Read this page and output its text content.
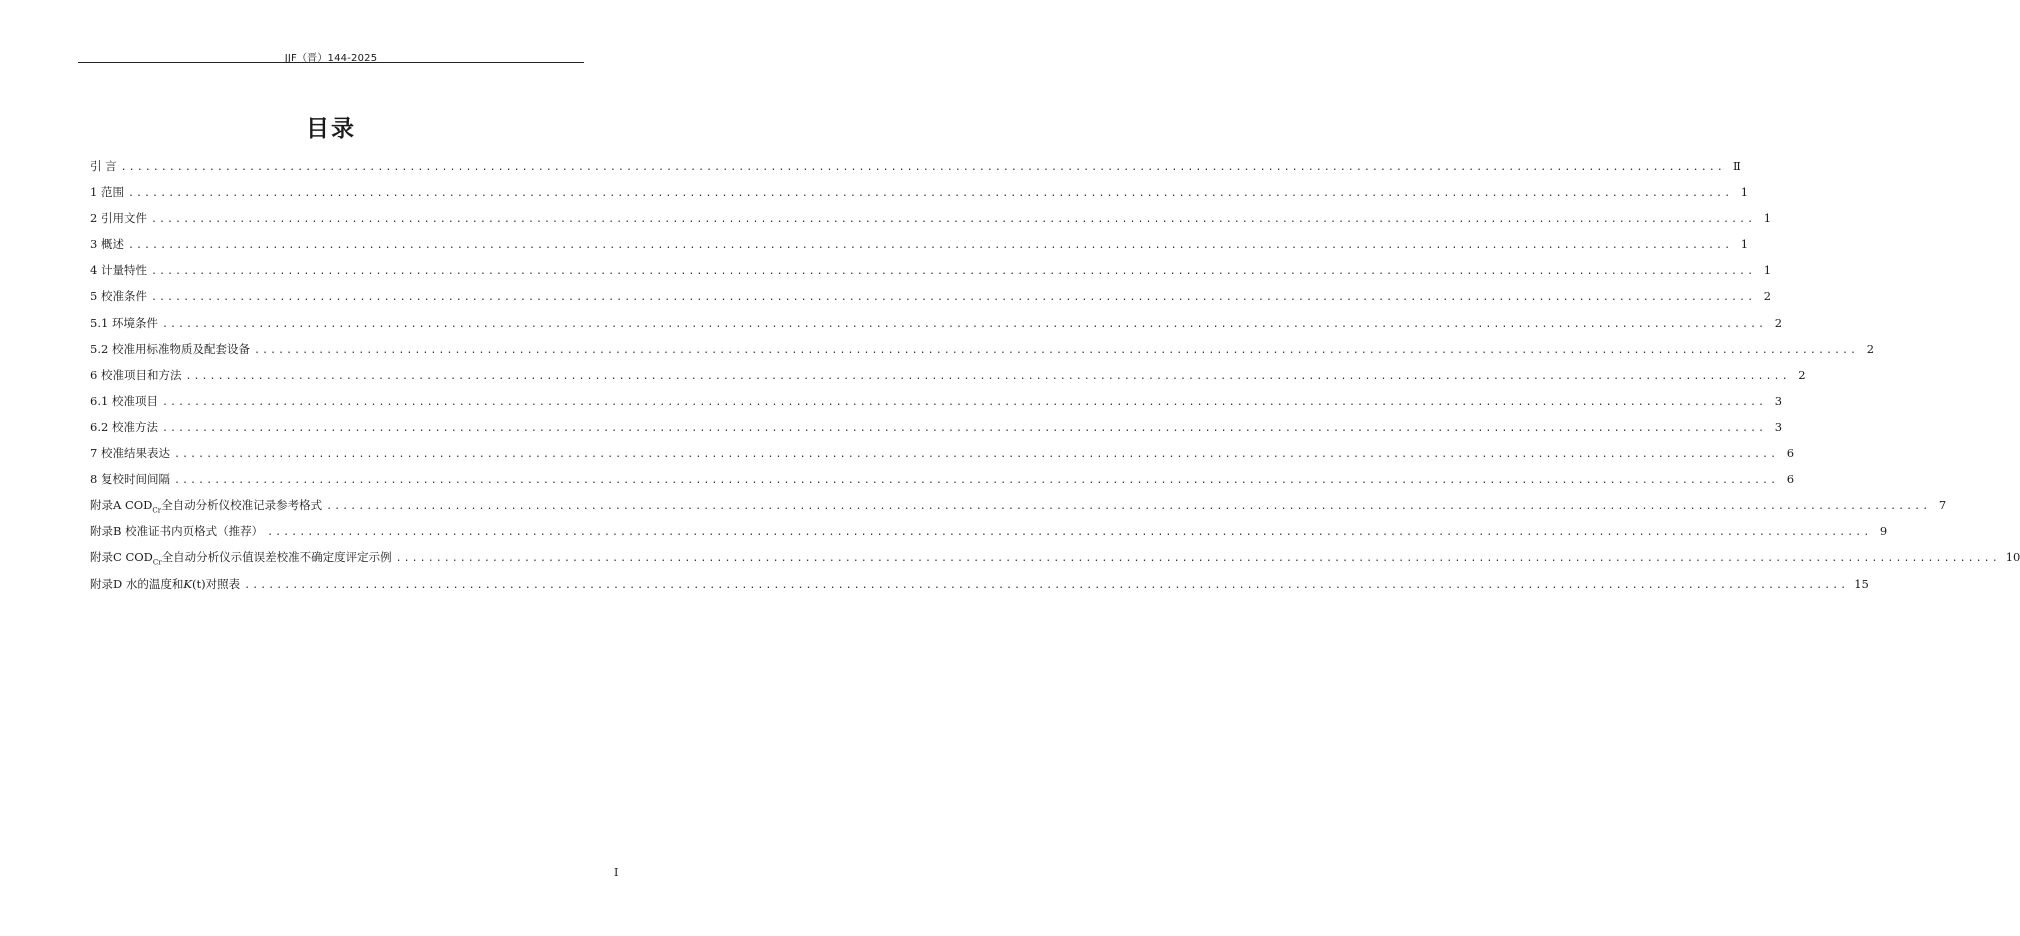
JJF（晋）144-2025
目录
引 言 ........................................................................................................................................................................................................ Ⅱ
1 范围 ........................................................................................................................................................................................................ 1
2 引用文件 ........................................................................................................................................................................................................ 1
3 概述 ........................................................................................................................................................................................................ 1
4 计量特性 ........................................................................................................................................................................................................ 1
5 校准条件 ........................................................................................................................................................................................................ 2
5.1 环境条件 ........................................................................................................................................................................................................ 2
5.2 校准用标准物质及配套设备 ........................................................................................................................................................................................................ 2
6 校准项目和方法 ........................................................................................................................................................................................................ 2
6.1 校准项目 ........................................................................................................................................................................................................ 3
6.2 校准方法 ........................................................................................................................................................................................................ 3
7 校准结果表达 ........................................................................................................................................................................................................ 6
8 复校时间间隔 ........................................................................................................................................................................................................ 6
附录A $COD_{Cr}$全自动分析仪校准记录参考格式 ........................................................................................................................................................................................................ 7
附录B 校准证书内页格式（推荐） ........................................................................................................................................................................................................ 9
附录C $COD_{Cr}$全自动分析仪示值误差校准不确定度评定示例 ........................................................................................................................................................................................................ 10
附录D 水的温度和K(t)对照表 ........................................................................................................................................................................................................ 15
I
